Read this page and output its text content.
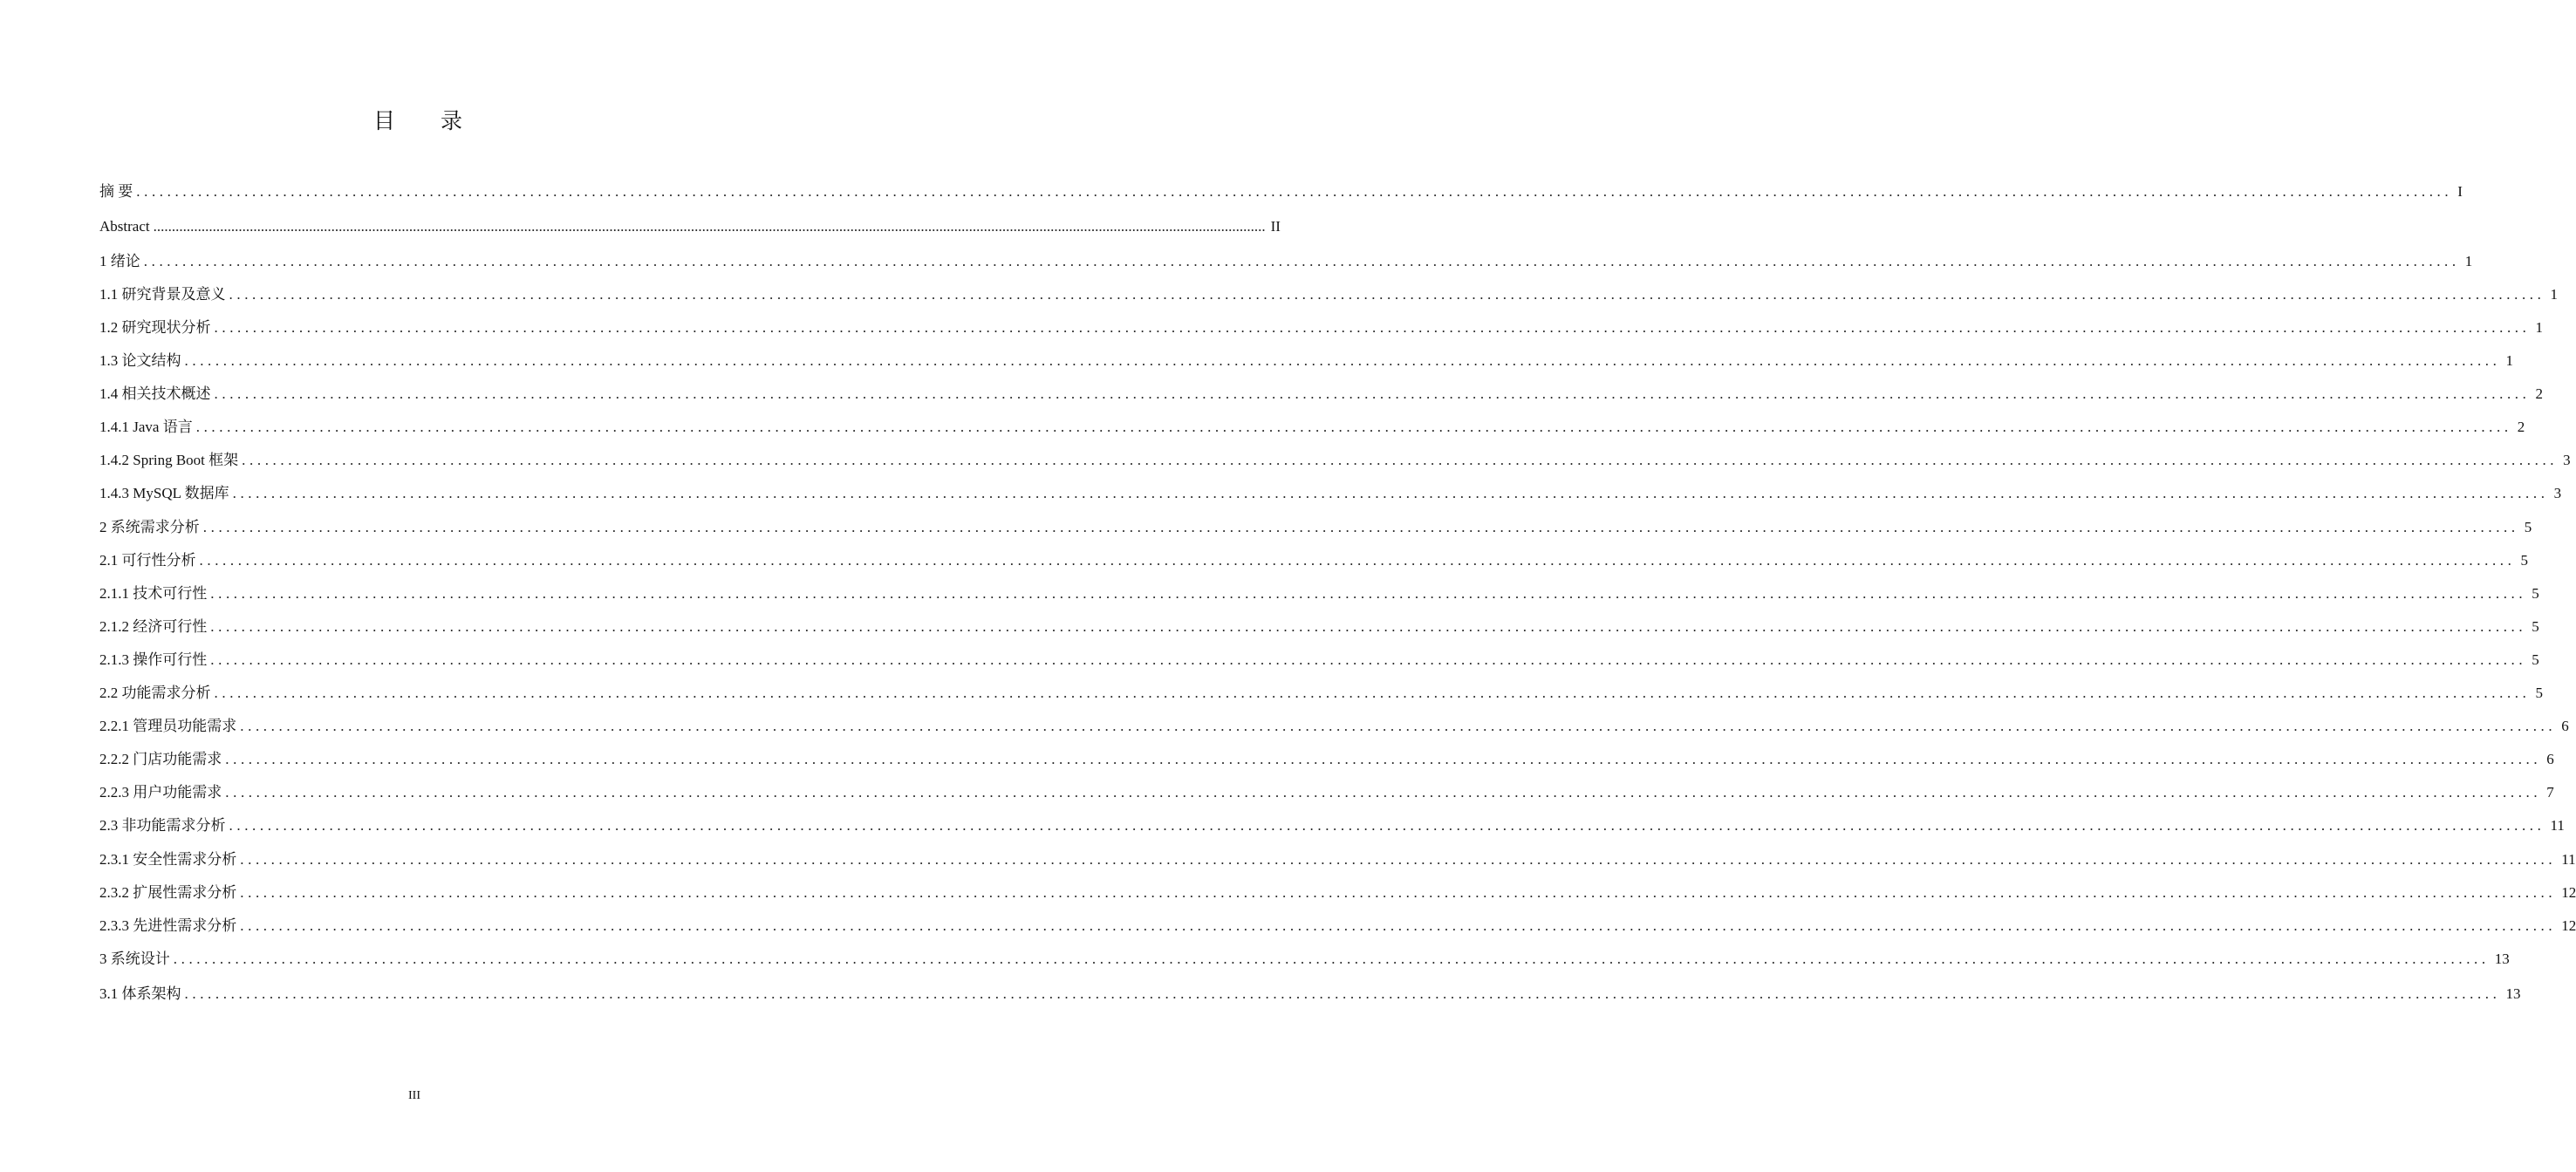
目 录
摘 要 ............................................................................................................................................................................................................................................................................................................ I
Abstract ............................................................................................................................................................................................................................................................................................................ II
1 绪论 ............................................................................................................................................................................................................................................................................................................ 1
1.1 研究背景及意义 ............................................................................................................................................................................................................................................................................................................ 1
1.2 研究现状分析 ............................................................................................................................................................................................................................................................................................................ 1
1.3 论文结构 ............................................................................................................................................................................................................................................................................................................ 1
1.4 相关技术概述 ............................................................................................................................................................................................................................................................................................................ 2
1.4.1 Java 语言 ............................................................................................................................................................................................................................................................................................................ 2
1.4.2 Spring Boot 框架 ............................................................................................................................................................................................................................................................................................................ 3
1.4.3 MySQL 数据库 ............................................................................................................................................................................................................................................................................................................ 3
2 系统需求分析 ............................................................................................................................................................................................................................................................................................................ 5
2.1 可行性分析 ............................................................................................................................................................................................................................................................................................................ 5
2.1.1 技术可行性 ............................................................................................................................................................................................................................................................................................................ 5
2.1.2 经济可行性 ............................................................................................................................................................................................................................................................................................................ 5
2.1.3 操作可行性 ............................................................................................................................................................................................................................................................................................................ 5
2.2 功能需求分析 ............................................................................................................................................................................................................................................................................................................ 5
2.2.1 管理员功能需求 ............................................................................................................................................................................................................................................................................................................ 6
2.2.2 门店功能需求 ............................................................................................................................................................................................................................................................................................................ 6
2.2.3 用户功能需求 ............................................................................................................................................................................................................................................................................................................ 7
2.3 非功能需求分析 ............................................................................................................................................................................................................................................................................................................ 11
2.3.1 安全性需求分析 ............................................................................................................................................................................................................................................................................................................ 11
2.3.2 扩展性需求分析 ............................................................................................................................................................................................................................................................................................................ 12
2.3.3 先进性需求分析 ............................................................................................................................................................................................................................................................................................................ 12
3 系统设计 ............................................................................................................................................................................................................................................................................................................ 13
3.1 体系架构 ............................................................................................................................................................................................................................................................................................................ 13
III
